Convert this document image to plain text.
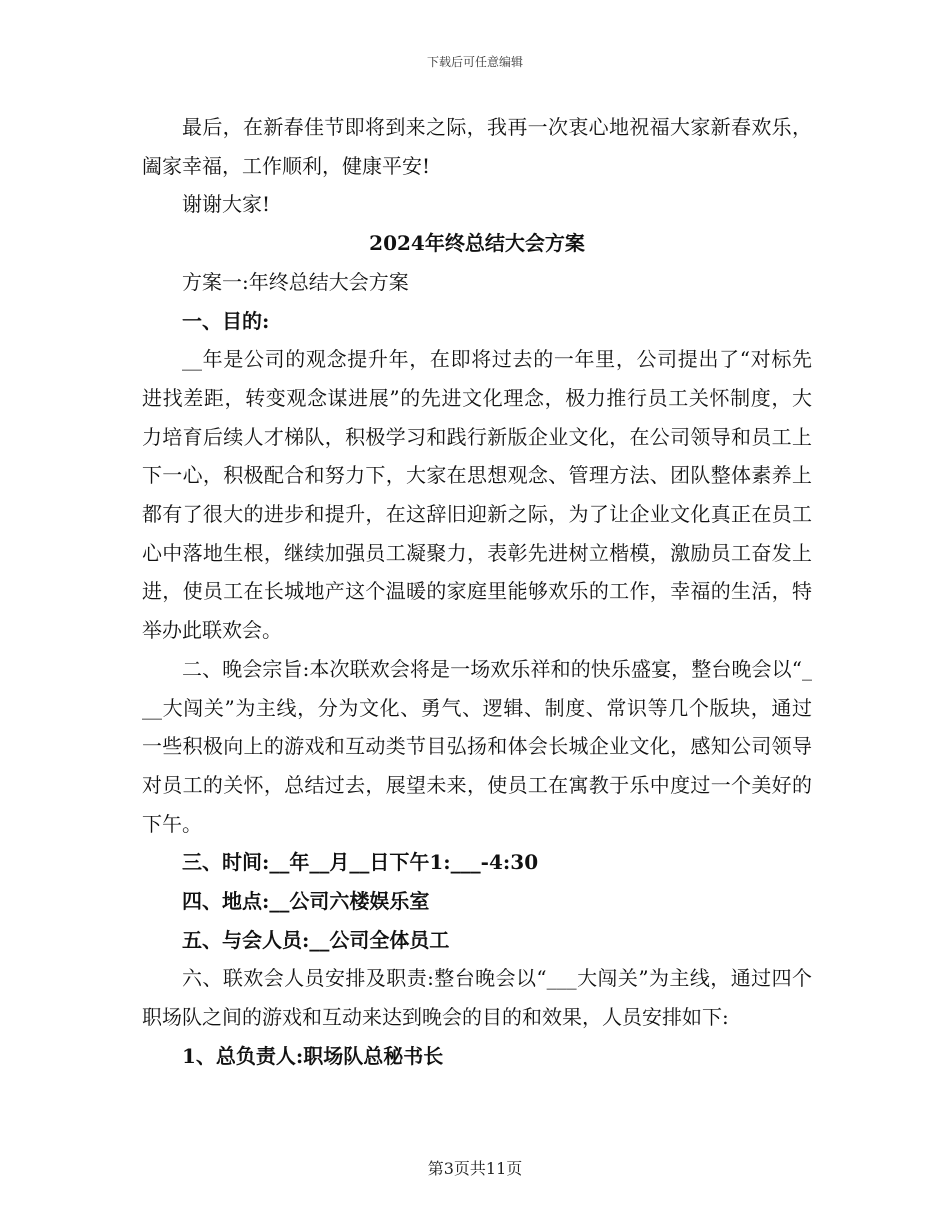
下载后可任意编辑

最后，在新春佳节即将到来之际，我再一次衷心地祝福大家新春欢乐，阖家幸福，工作顺利，健康平安!

谢谢大家!

2024年终总结大会方案

方案一:年终总结大会方案

一、目的:

__年是公司的观念提升年，在即将过去的一年里，公司提出了“对标先进找差距，转变观念谋进展”的先进文化理念，极力推行员工关怀制度，大力培育后续人才梯队，积极学习和践行新版企业文化，在公司领导和员工上下一心，积极配合和努力下，大家在思想观念、管理方法、团队整体素养上都有了很大的进步和提升，在这辞旧迎新之际，为了让企业文化真正在员工心中落地生根，继续加强员工凝聚力，表彰先进树立楷模，激励员工奋发上进，使员工在长城地产这个温暖的家庭里能够欢乐的工作，幸福的生活，特举办此联欢会。

二、晚会宗旨:本次联欢会将是一场欢乐祥和的快乐盛宴，整台晚会以“___大闯关”为主线，分为文化、勇气、逻辑、制度、常识等几个版块，通过一些积极向上的游戏和互动类节目弘扬和体会长城企业文化，感知公司领导对员工的关怀，总结过去，展望未来，使员工在寓教于乐中度过一个美好的下午。

三、时间:__年__月__日下午1:___-4:30

四、地点:__公司六楼娱乐室

五、与会人员:__公司全体员工

六、联欢会人员安排及职责:整台晚会以“___大闯关”为主线，通过四个职场队之间的游戏和互动来达到晚会的目的和效果，人员安排如下:

1、总负责人:职场队总秘书长

第3页共11页
